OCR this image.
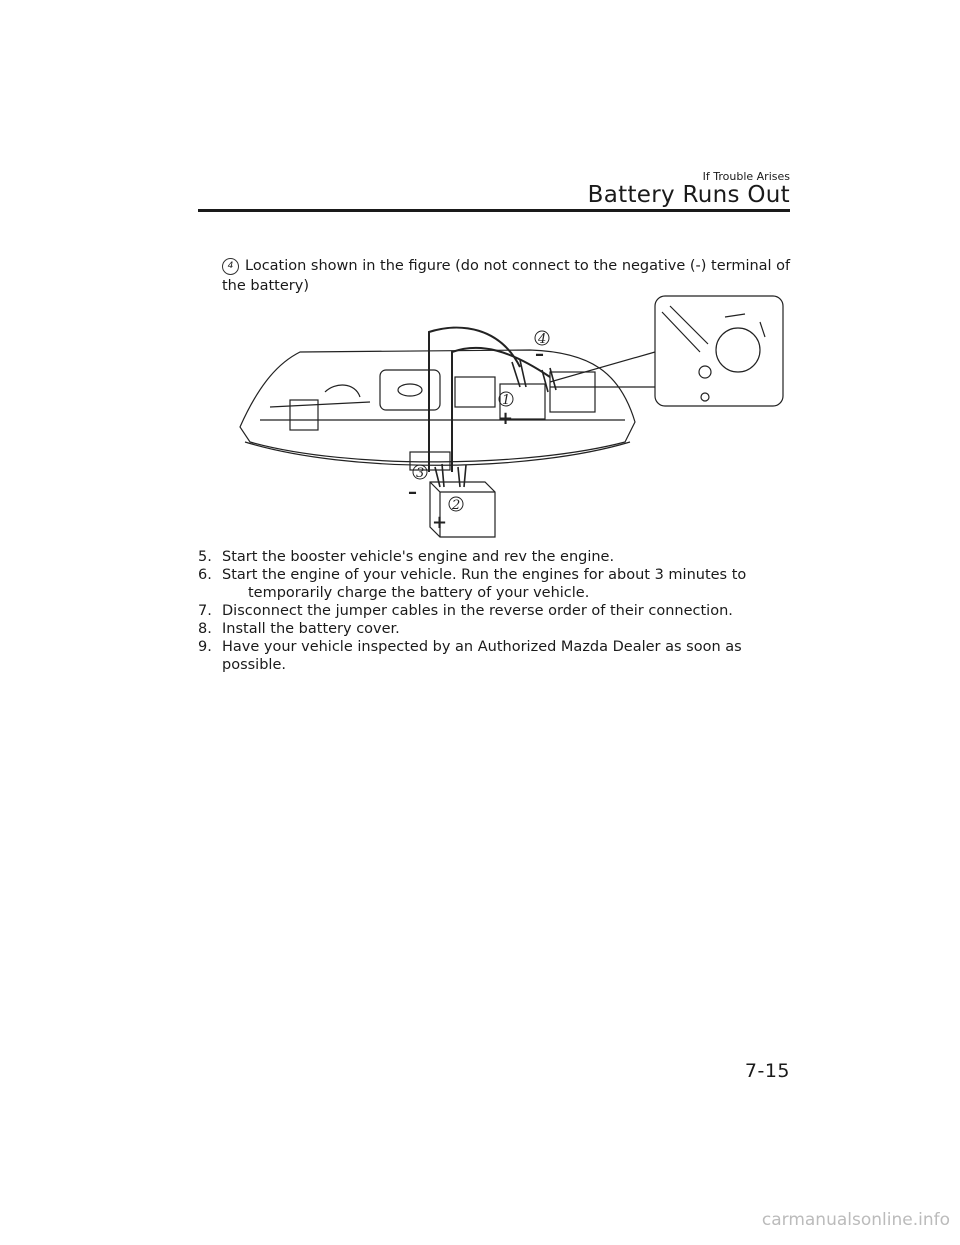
If Trouble Arises
Battery Runs Out
4 Location shown in the figure (do not connect to the negative (-) terminal of the battery)
1
2
3
4
+
–
+
–
5. Start the booster vehicle's engine and rev the engine.
6. Start the engine of your vehicle. Run the engines for about 3 minutes to
temporarily charge the battery of your vehicle.
7. Disconnect the jumper cables in the reverse order of their connection.
8. Install the battery cover.
9. Have your vehicle inspected by an Authorized Mazda Dealer as soon as possible.
7-15
carmanualsonline.info
